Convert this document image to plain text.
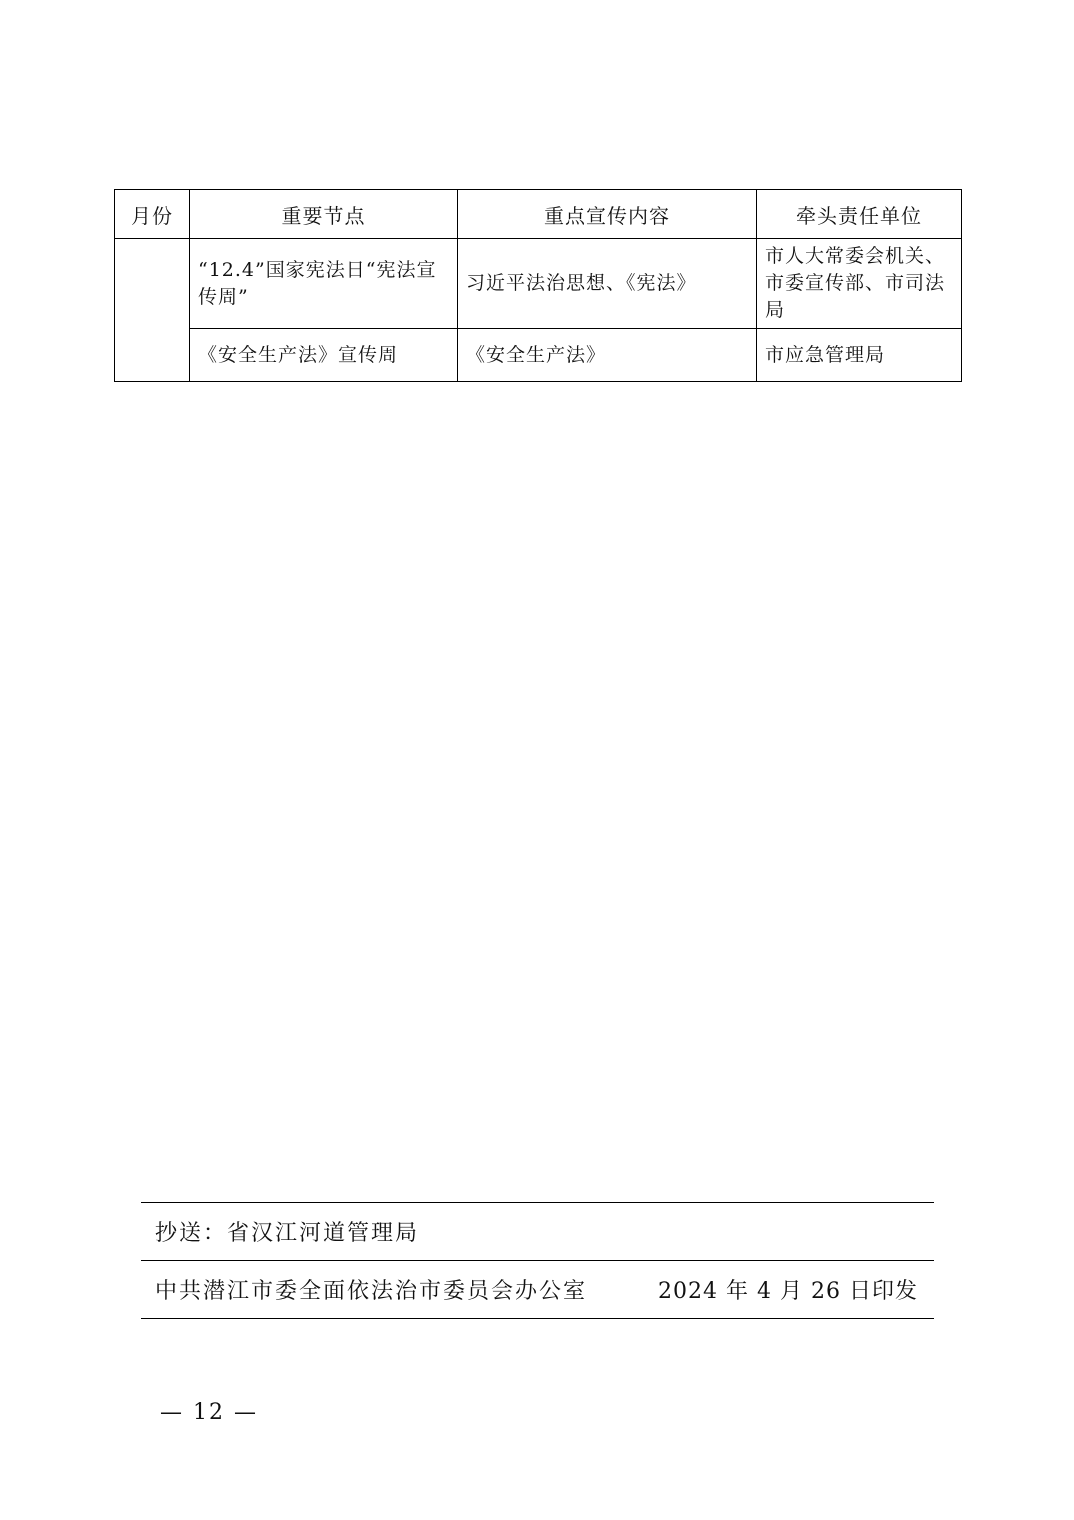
月份	重要节点	重点宣传内容	牵头责任单位

	“12.4”国家宪法日“宪法宣传周”	习近平法治思想、《宪法》	市人大常委会机关、市委宣传部、市司法局

	《安全生产法》宣传周	《安全生产法》	市应急管理局
抄送：省汉江河道管理局
中共潜江市委全面依法治市委员会办公室	2024 年 4 月 26 日印发
— 12 —
